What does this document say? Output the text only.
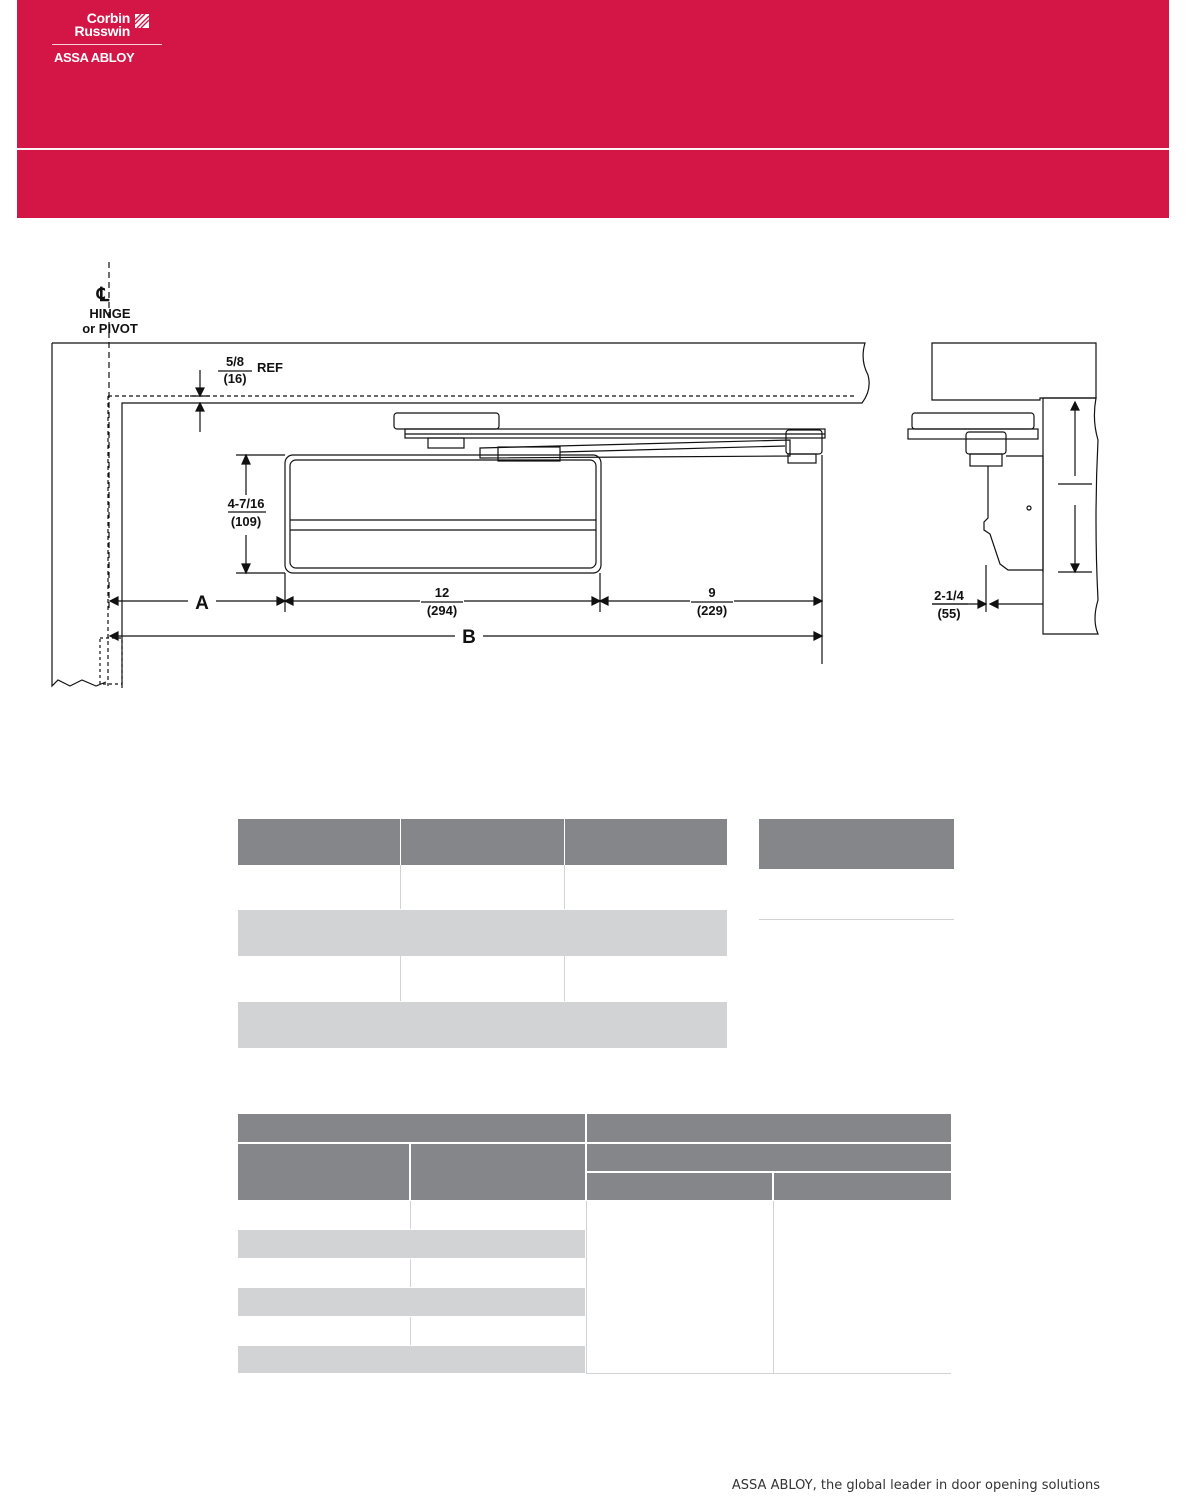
Corbin
Russwin
ASSA ABLOY
℄
HINGE
or PIVOT
5/8
(16)
REF
4-7/16
(109)
A
12
(294)
9
(229)
B
2-1/4
(55)
ASSA ABLOY, the global leader in door opening solutions
